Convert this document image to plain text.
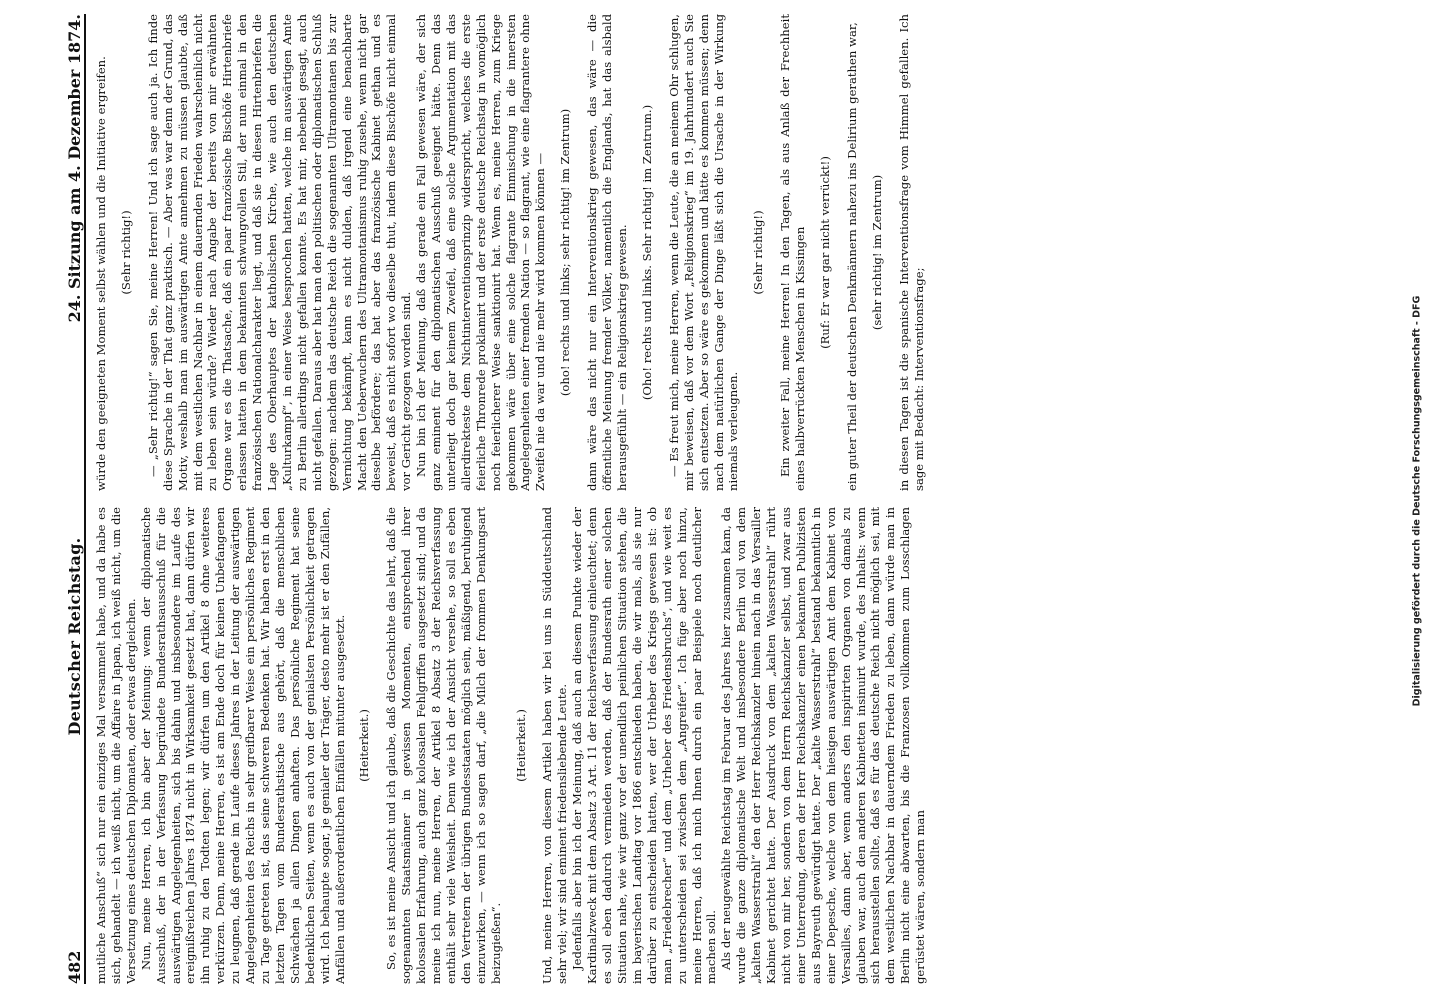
482
Deutscher Reichstag.
24. Sitzung am 4. Dezember 1874.

mutliche Anschuß“ sich nur ein einziges Mal versammelt habe, und da habe es sich, gehandelt — ich weiß nicht, um die Affaire in Japan, ich weiß nicht, um die Versetzung eines deutschen Diplomaten, oder etwas dergleichen. Nun, meine Herren, ich bin aber der Meinung: wenn der diplomatische Ausschuß, der in der Verfassung begründete Bundesrathsausschuß für die auswärtigen Angelegenheiten, sich bis dahin und insbesondere im Laufe des ereignißreichen Jahres 1874 nicht in Wirksamkeit gesetzt hat, dann dürfen wir ihn ruhig zu den Todten legen; wir dürfen um den Artikel 8 ohne weiteres verkürzen. Denn, meine Herren, es ist am Ende doch für keinen Unbefangenen zu leugnen, daß gerade im Laufe dieses Jahres in der Leitung der auswärtigen Angelegenheiten des Reichs in sehr greifbarer Weise ein persönliches Regiment zu Tage getreten ist, das seine schweren Bedenken hat. Wir haben erst in den letzten Tagen vom Bundesrathstische aus gehört, daß die menschlichen Schwächen ja allen Dingen anhaften. Das persönliche Regiment hat seine bedenklichen Seiten, wenn es auch von der genialsten Persönlichkeit getragen wird. Ich behaupte sogar, je genialer der Träger, desto mehr ist er den Zufällen, Anfällen und außerordentlichen Einfällen mitunter ausgesetzt. (Heiterkeit.) So, es ist meine Ansicht und ich glaube, daß die Geschichte das lehrt, daß die sogenannten Staatsmänner in gewissen Momenten, entsprechend ihrer kolossalen Erfahrung, auch ganz kolossalen Fehlgriffen ausgesetzt sind; und da meine ich nun, meine Herren, der Artikel 8 Absatz 3 der Reichsverfassung enthält sehr viele Weisheit. Denn wie ich der Ansicht versehe, so soll es eben den Vertretern der übrigen Bundesstaaten möglich sein, mäßigend, beruhigend einzuwirken, — wenn ich so sagen darf, „die Milch der frommen Denkungsart beizugießen“.

(Heiterkeit.) Und, meine Herren, von diesem Artikel haben wir bei uns in Süddeutschland sehr viel; wir sind eminent friedensliebende Leute. Jedenfalls aber bin ich der Meinung, daß auch an diesem Punkte wieder der Kardinalzweck mit dem Absatz 3 Art. 11 der Reichsverfassung einleuchtet; denn es soll eben dadurch vermieden werden, daß der Bundesrath einer solchen Situation nahe, wie wir ganz vor der unendlich peinlichen Situation stehen, die im bayerischen Landtag vor 1866 entschieden haben, die wir mals, als sie nur darüber zu entscheiden hatten, wer der Urheber des Kriegs gewesen ist: ob man „Friedebrecher“ und dem „Urheber des Friedensbruchs“, und wie weit es zu unterscheiden sei zwischen dem „Angreifer“. Ich füge aber noch hinzu, meine Herren, daß ich mich Ihnen durch ein paar Beispiele noch deutlicher machen soll. Als der neugewählte Reichstag im Februar des Jahres hier zusammen kam, da wurde die ganze diplomatische Welt und insbesondere Berlin voll von dem „kalten Wasserstrahl“ den der Herr Reichskanzler hinein nach in das Versailler Kabinet gerichtet hatte. Der Ausdruck von dem „kalten Wasserstrahl“ rührt nicht von mir her, sondern von dem Herrn Reichskanzler selbst, und zwar aus einer Unterredung, deren der Herr Reichskanzler einen bekannten Publizisten aus Bayreuth gewürdigt hatte. Der „kalte Wasserstrahl“ bestand bekanntlich in einer Depesche, welche von dem hiesigen auswärtigen Amt dem Kabinet von Versailles, dann aber, wenn anders den inspirirten Organen von damals zu glauben war, auch den anderen Kabinetten insinuirt wurde, des Inhalts: wenn sich herausstellen sollte, daß es für das deutsche Reich nicht möglich sei, mit dem westlichen Nachbar in dauerndem Frieden zu leben, dann würde man in Berlin nicht eine abwarten, bis die Franzosen vollkommen zum Losschlagen gerüstet wären, sondern man

würde den geeigneten Moment selbst wählen und die Initiative ergreifen. (Sehr richtig!) — „Sehr richtig!“ sagen Sie, meine Herren! Und ich sage auch ja. Ich finde diese Sprache in der That ganz praktisch. — Aber was war denn der Grund, das Motiv, weshalb man im auswärtigen Amte annehmen zu müssen glaubte, daß mit dem westlichen Nachbar in einem dauernden Frieden wahrscheinlich nicht zu leben sein würde? Wieder nach Angabe der bereits von mir erwähnten Organe war es die Thatsache, daß ein paar französische Bischöfe Hirtenbriefe erlassen hatten in dem bekannten schwungvollen Stil, der nun einmal in den französischen Nationalcharakter liegt, und daß sie in diesen Hirtenbriefen die Lage des Oberhauptes der katholischen Kirche, wie auch den deutschen „Kulturkampf“, in einer Weise besprochen hatten, welche im auswärtigen Amte zu Berlin allerdings nicht gefallen konnte. Es hat mir, nebenbei gesagt, auch nicht gefallen. Daraus aber hat man den politischen oder diplomatischen Schluß gezogen: nachdem das deutsche Reich die sogenannten Ultramontanen bis zur Vernichtung bekämpft, kann es nicht dulden, daß irgend eine benachbarte Macht den Ueberwuchern des Ultramontanismus ruhig zusehe, wenn nicht gar dieselbe befördere; das hat aber das französische Kabinet gethan und es beweist, daß es nicht sofort wo dieselbe thut, indem diese Bischöfe nicht einmal vor Gericht gezogen worden sind. Nun bin ich der Meinung, daß das gerade ein Fall gewesen wäre, der sich ganz eminent für den diplomatischen Ausschuß geeignet hätte. Denn das unterliegt doch gar keinem Zweifel, daß eine solche Argumentation mit das allerdirekteste dem Nichtinterventionsprinzip widerspricht, welches die erste feierliche Thronrede proklamirt und der erste deutsche Reichstag in womöglich noch feierlicherer Weise sanktionirt hat. Wenn es, meine Herren, zum Kriege gekommen wäre über eine solche flagrante Einmischung in die innersten Angelegenheiten einer fremden Nation — so flagrant, wie eine flagrantere ohne Zweifel nie da war und nie mehr wird kommen können — (oho! rechts und links; sehr richtig! im Zentrum) dann wäre das nicht nur ein Interventionskrieg gewesen, das wäre — die öffentliche Meinung fremder Völker, namentlich die Englands, hat das alsbald herausgefühlt — ein Religionskrieg gewesen. (Oho! rechts und links. Sehr richtig! im Zentrum.) — Es freut mich, meine Herren, wenn die Leute, die an meinem Ohr schlugen, mir beweisen, daß vor dem Wort „Religionskrieg“ im 19. Jahrhundert auch Sie sich entsetzen. Aber so wäre es gekommen und hätte es kommen müssen; denn nach dem natürlichen Gange der Dinge läßt sich die Ursache in der Wirkung niemals verleugnen.

(Sehr richtig!) Ein zweiter Fall, meine Herren! In den Tagen, als aus Anlaß der Frechheit eines halbverrückten Menschen in Kissingen (Ruf: Er war gar nicht verrückt!) ein guter Theil der deutschen Denkmännern nahezu ins Delirium gerathen war, (sehr richtig! im Zentrum) in diesen Tagen ist die spanische Interventionsfrage vom Himmel gefallen. Ich sage mit Bedacht: Interventionsfrage;	Digitalisierung gefördert durch die Deutsche Forschungsgemeinschaft - DFG
